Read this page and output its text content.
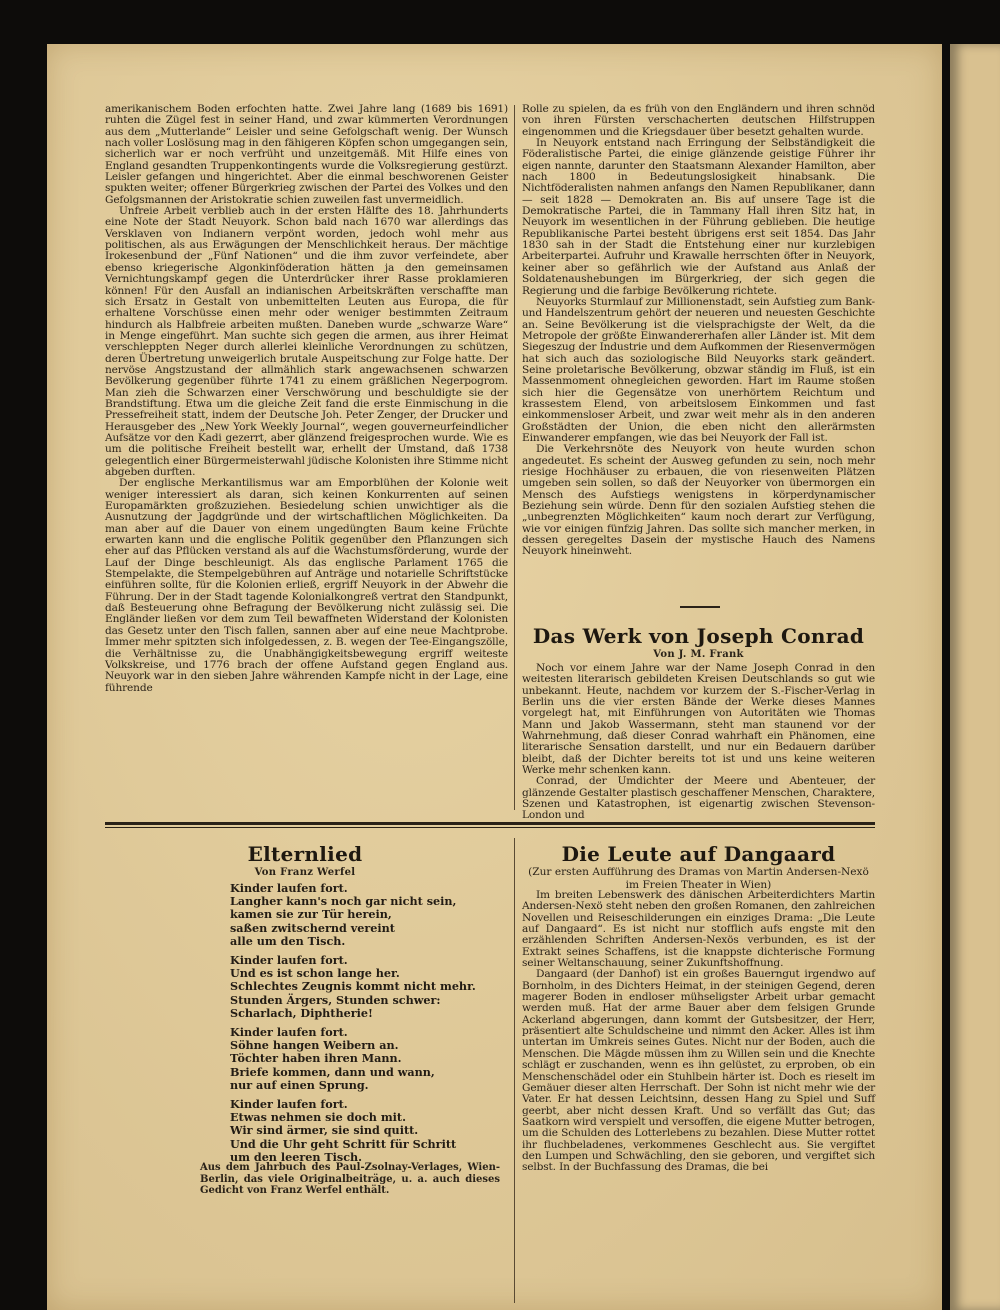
amerikanischem Boden erfochten hatte. Zwei Jahre lang (1689 bis 1691) ruhten die Zügel fest in seiner Hand, und zwar kümmerten Verordnungen aus dem „Mutterlande“ Leisler und seine Gefolgschaft wenig. Der Wunsch nach voller Loslösung mag in den fähigeren Köpfen schon umgegangen sein, sicherlich war er noch verfrüht und unzeitgemäß. Mit Hilfe eines von England gesandten Truppenkontingents wurde die Volksregierung gestürzt. Leisler gefangen und hingerichtet. Aber die einmal beschworenen Geister spukten weiter; offener Bürgerkrieg zwischen der Partei des Volkes und den Gefolgsmannen der Aristokratie schien zuweilen fast unvermeidlich.

Unfreie Arbeit verblieb auch in der ersten Hälfte des 18. Jahrhunderts eine Note der Stadt Neuyork. Schon bald nach 1670 war allerdings das Versklaven von Indianern verpönt worden, jedoch wohl mehr aus politischen, als aus Erwägungen der Menschlichkeit heraus. Der mächtige Irokesenbund der „Fünf Nationen“ und die ihm zuvor verfeindete, aber ebenso kriegerische Algonkinföderation hätten ja den gemeinsamen Vernichtungskampf gegen die Unterdrücker ihrer Rasse proklamieren können! Für den Ausfall an indianischen Arbeitskräften verschaffte man sich Ersatz in Gestalt von unbemittelten Leuten aus Europa, die für erhaltene Vorschüsse einen mehr oder weniger bestimmten Zeitraum hindurch als Halbfreie arbeiten mußten. Daneben wurde „schwarze Ware“ in Menge eingeführt. Man suchte sich gegen die armen, aus ihrer Heimat verschleppten Neger durch allerlei kleinliche Verordnungen zu schützen, deren Übertretung unweigerlich brutale Auspeitschung zur Folge hatte. Der nervöse Angstzustand der allmählich stark angewachsenen schwarzen Bevölkerung gegenüber führte 1741 zu einem gräßlichen Negerpogrom. Man zieh die Schwarzen einer Verschwörung und beschuldigte sie der Brandstiftung. Etwa um die gleiche Zeit fand die erste Einmischung in die Pressefreiheit statt, indem der Deutsche Joh. Peter Zenger, der Drucker und Herausgeber des „New York Weekly Journal“, wegen gouverneurfeindlicher Aufsätze vor den Kadi gezerrt, aber glänzend freigesprochen wurde. Wie es um die politische Freiheit bestellt war, erhellt der Umstand, daß 1738 gelegentlich einer Bürgermeisterwahl jüdische Kolonisten ihre Stimme nicht abgeben durften.

Der englische Merkantilismus war am Emporblühen der Kolonie weit weniger interessiert als daran, sich keinen Konkurrenten auf seinen Europamärkten großzuziehen. Besiedelung schien unwichtiger als die Ausnutzung der Jagdgründe und der wirtschaftlichen Möglichkeiten. Da man aber auf die Dauer von einem ungedüngten Baum keine Früchte erwarten kann und die englische Politik gegenüber den Pflanzungen sich eher auf das Pflücken verstand als auf die Wachstumsförderung, wurde der Lauf der Dinge beschleunigt. Als das englische Parlament 1765 die Stempelakte, die Stempelgebühren auf Anträge und notarielle Schriftstücke einführen sollte, für die Kolonien erließ, ergriff Neuyork in der Abwehr die Führung. Der in der Stadt tagende Kolonialkongreß vertrat den Standpunkt, daß Besteuerung ohne Befragung der Bevölkerung nicht zulässig sei. Die Engländer ließen vor dem zum Teil bewaffneten Widerstand der Kolonisten das Gesetz unter den Tisch fallen, sannen aber auf eine neue Machtprobe. Immer mehr spitzten sich infolgedessen, z. B. wegen der Tee-Eingangszölle, die Verhältnisse zu, die Unabhängigkeitsbewegung ergriff weiteste Volkskreise, und 1776 brach der offene Aufstand gegen England aus. Neuyork war in den sieben Jahre währenden Kampfe nicht in der Lage, eine führende

Rolle zu spielen, da es früh von den Engländern und ihren schnöd von ihren Fürsten verschacherten deutschen Hilfstruppen eingenommen und die Kriegsdauer über besetzt gehalten wurde.

In Neuyork entstand nach Erringung der Selbständigkeit die Föderalistische Partei, die einige glänzende geistige Führer ihr eigen nannte, darunter den Staatsmann Alexander Hamilton, aber nach 1800 in Bedeutungslosigkeit hinabsank. Die Nichtföderalisten nahmen anfangs den Namen Republikaner, dann — seit 1828 — Demokraten an. Bis auf unsere Tage ist die Demokratische Partei, die in Tammany Hall ihren Sitz hat, in Neuyork im wesentlichen in der Führung geblieben. Die heutige Republikanische Partei besteht übrigens erst seit 1854. Das Jahr 1830 sah in der Stadt die Entstehung einer nur kurzlebigen Arbeiterpartei. Aufruhr und Krawalle herrschten öfter in Neuyork, keiner aber so gefährlich wie der Aufstand aus Anlaß der Soldatenaushebungen im Bürgerkrieg, der sich gegen die Regierung und die farbige Bevölkerung richtete.

Neuyorks Sturmlauf zur Millionenstadt, sein Aufstieg zum Bank- und Handelszentrum gehört der neueren und neuesten Geschichte an. Seine Bevölkerung ist die vielsprachigste der Welt, da die Metropole der größte Einwandererhafen aller Länder ist. Mit dem Siegeszug der Industrie und dem Aufkommen der Riesenvermögen hat sich auch das soziologische Bild Neuyorks stark geändert. Seine proletarische Bevölkerung, obzwar ständig im Fluß, ist ein Massenmoment ohnegleichen geworden. Hart im Raume stoßen sich hier die Gegensätze von unerhörtem Reichtum und krassestem Elend, von arbeitslosem Einkommen und fast einkommensloser Arbeit, und zwar weit mehr als in den anderen Großstädten der Union, die eben nicht den allerärmsten Einwanderer empfangen, wie das bei Neuyork der Fall ist.

Die Verkehrsnöte des Neuyork von heute wurden schon angedeutet. Es scheint der Ausweg gefunden zu sein, noch mehr riesige Hochhäuser zu erbauen, die von riesenweiten Plätzen umgeben sein sollen, so daß der Neuyorker von übermorgen ein Mensch des Aufstiegs wenigstens in körperdynamischer Beziehung sein würde. Denn für den sozialen Aufstieg stehen die „unbegrenzten Möglichkeiten“ kaum noch derart zur Verfügung, wie vor einigen fünfzig Jahren. Das sollte sich mancher merken, in dessen geregeltes Dasein der mystische Hauch des Namens Neuyork hineinweht.

Das Werk von Joseph Conrad
Von J. M. Frank

Noch vor einem Jahre war der Name Joseph Conrad in den weitesten literarisch gebildeten Kreisen Deutschlands so gut wie unbekannt. Heute, nachdem vor kurzem der S.-Fischer-Verlag in Berlin uns die vier ersten Bände der Werke dieses Mannes vorgelegt hat, mit Einführungen von Autoritäten wie Thomas Mann und Jakob Wassermann, steht man staunend vor der Wahrnehmung, daß dieser Conrad wahrhaft ein Phänomen, eine literarische Sensation darstellt, und nur ein Bedauern darüber bleibt, daß der Dichter bereits tot ist und uns keine weiteren Werke mehr schenken kann.

Conrad, der Umdichter der Meere und Abenteuer, der glänzende Gestalter plastisch geschaffener Menschen, Charaktere, Szenen und Katastrophen, ist eigenartig zwischen Stevenson-London und

Elternlied
Von Franz Werfel
Kinder laufen fort.
Langher kann's noch gar nicht sein,
kamen sie zur Tür herein,
saßen zwitschernd vereint
alle um den Tisch.
Kinder laufen fort.
Und es ist schon lange her.
Schlechtes Zeugnis kommt nicht mehr.
Stunden Ärgers, Stunden schwer:
Scharlach, Diphtherie!
Kinder laufen fort.
Söhne hangen Weibern an.
Töchter haben ihren Mann.
Briefe kommen, dann und wann,
nur auf einen Sprung.
Kinder laufen fort.
Etwas nehmen sie doch mit.
Wir sind ärmer, sie sind quitt.
Und die Uhr geht Schritt für Schritt
um den leeren Tisch.
Aus dem Jahrbuch des Paul-Zsolnay-Verlages, Wien-Berlin, das viele Originalbeiträge, u. a. auch dieses Gedicht von Franz Werfel enthält.
Die Leute auf Dangaard
(Zur ersten Aufführung des Dramas von Martin Andersen-Nexö
im Freien Theater in Wien)

Im breiten Lebenswerk des dänischen Arbeiterdichters Martin Andersen-Nexö steht neben den großen Romanen, den zahlreichen Novellen und Reiseschilderungen ein einziges Drama: „Die Leute auf Dangaard“. Es ist nicht nur stofflich aufs engste mit den erzählenden Schriften Andersen-Nexös verbunden, es ist der Extrakt seines Schaffens, ist die knappste dichterische Formung seiner Weltanschauung, seiner Zukunftshoffnung.

Dangaard (der Danhof) ist ein großes Bauerngut irgendwo auf Bornholm, in des Dichters Heimat, in der steinigen Gegend, deren magerer Boden in endloser mühseligster Arbeit urbar gemacht werden muß. Hat der arme Bauer aber dem felsigen Grunde Ackerland abgerungen, dann kommt der Gutsbesitzer, der Herr, präsentiert alte Schuldscheine und nimmt den Acker. Alles ist ihm untertan im Umkreis seines Gutes. Nicht nur der Boden, auch die Menschen. Die Mägde müssen ihm zu Willen sein und die Knechte schlägt er zuschanden, wenn es ihn gelüstet, zu erproben, ob ein Menschenschädel oder ein Stuhlbein härter ist. Doch es rieselt im Gemäuer dieser alten Herrschaft. Der Sohn ist nicht mehr wie der Vater. Er hat dessen Leichtsinn, dessen Hang zu Spiel und Suff geerbt, aber nicht dessen Kraft. Und so verfällt das Gut; das Saatkorn wird verspielt und versoffen, die eigene Mutter betrogen, um die Schulden des Lotterlebens zu bezahlen. Diese Mutter rottet ihr fluchbeladenes, verkommenes Geschlecht aus. Sie vergiftet den Lumpen und Schwächling, den sie geboren, und vergiftet sich selbst. In der Buchfassung des Dramas, die bei
